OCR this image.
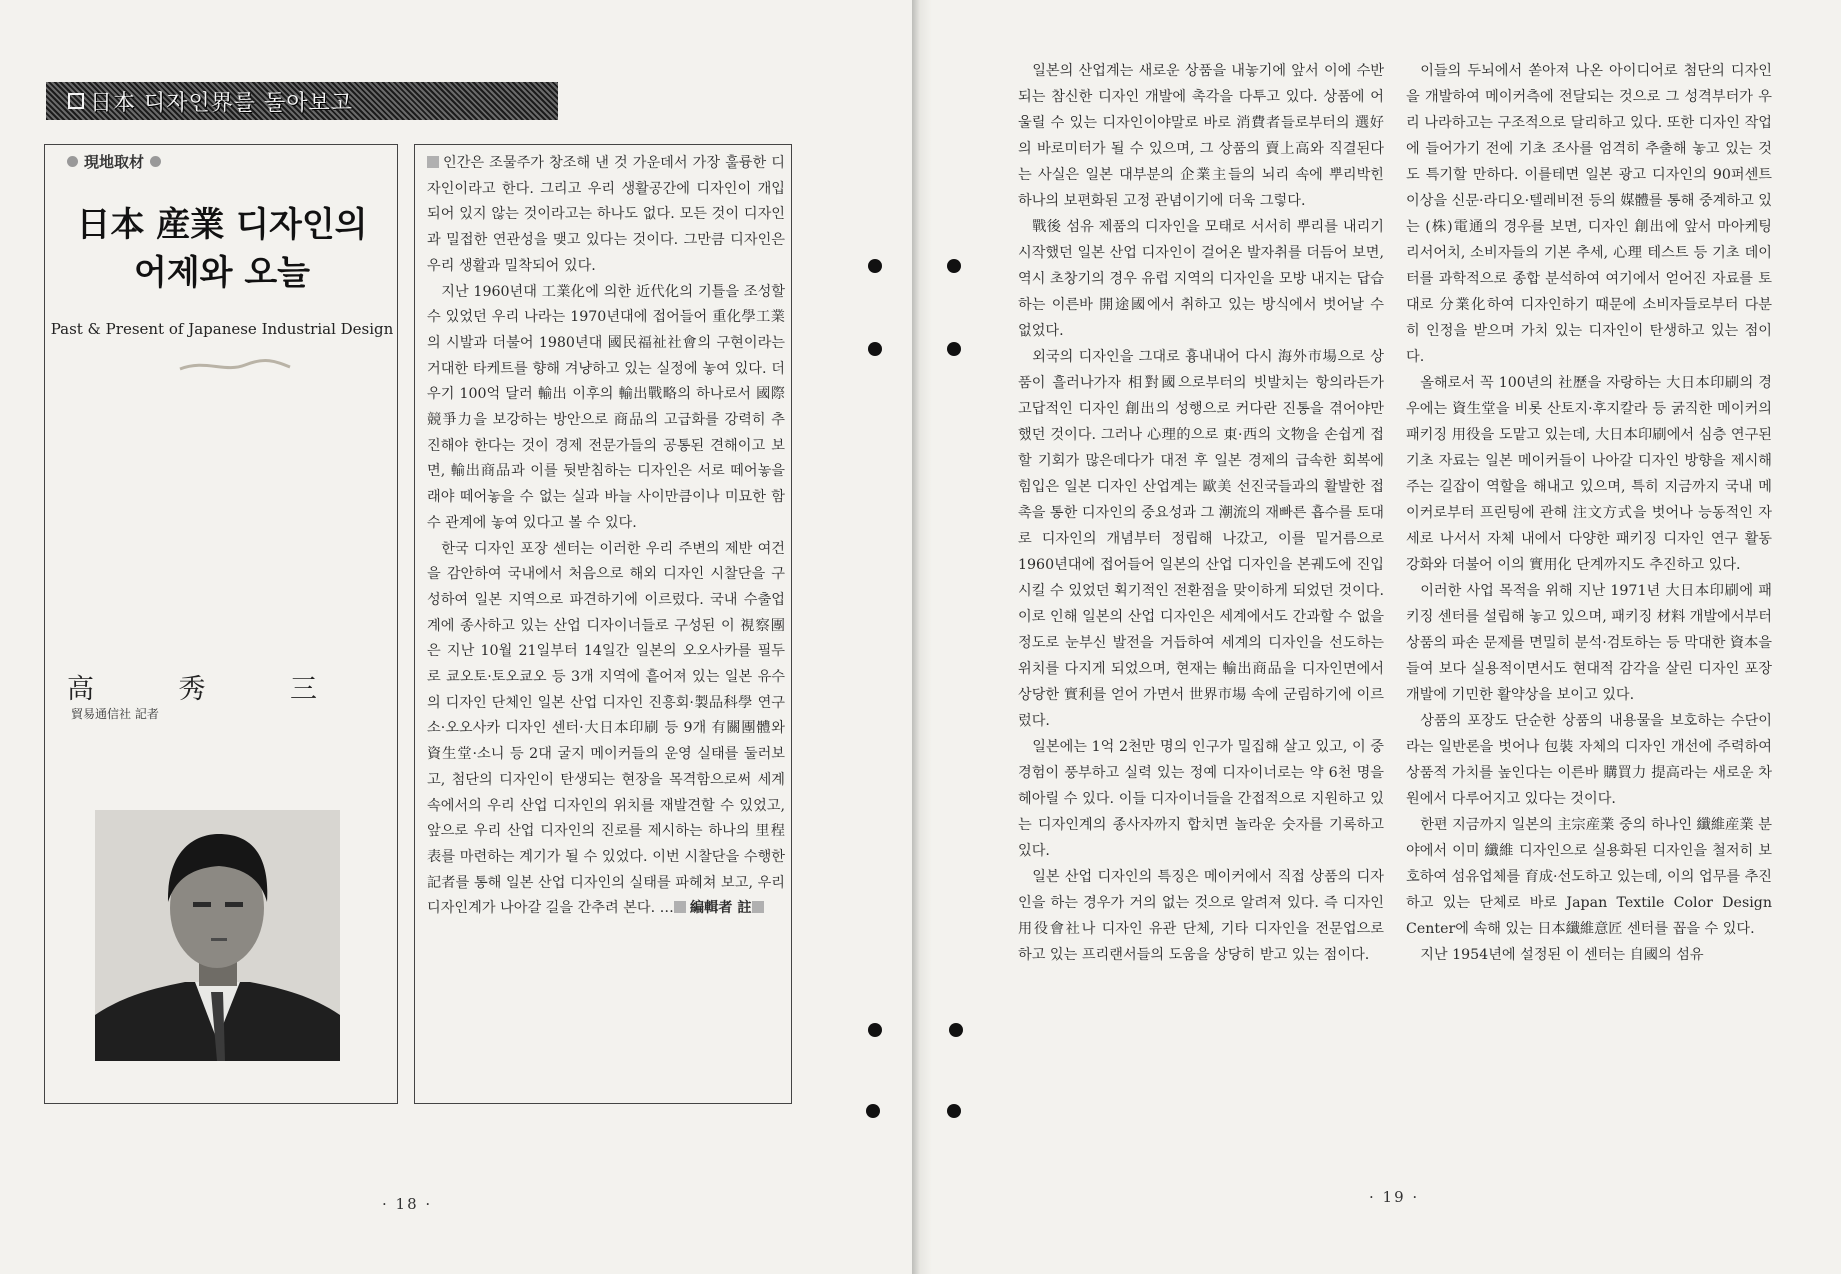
日本 디자인界를 돌아보고
現地取材
日本 産業 디자인의
어제와 오늘
Past & Present of Japanese Industrial Design
高	秀	三
貿易通信社 記者

인간은 조물주가 창조해 낸 것 가운데서 가장 훌륭한 디자인이라고 한다. 그리고 우리 생활공간에 디자인이 개입되어 있지 않는 것이라고는 하나도 없다. 모든 것이 디자인과 밀접한 연관성을 맺고 있다는 것이다. 그만큼 디자인은 우리 생활과 밀착되어 있다.

지난 1960년대 工業化에 의한 近代化의 기틀을 조성할 수 있었던 우리 나라는 1970년대에 접어들어 重化學工業의 시발과 더불어 1980년대 國民福祉社會의 구현이라는 거대한 타케트를 향해 겨냥하고 있는 실정에 놓여 있다. 더우기 100억 달러 輸出 이후의 輸出戰略의 하나로서 國際競爭力을 보강하는 방안으로 商品의 고급화를 강력히 추진해야 한다는 것이 경제 전문가들의 공통된 견해이고 보면, 輸出商品과 이를 뒷받침하는 디자인은 서로 떼어놓을래야 떼어놓을 수 없는 실과 바늘 사이만큼이나 미묘한 함수 관계에 놓여 있다고 볼 수 있다.

한국 디자인 포장 센터는 이러한 우리 주변의 제반 여건을 감안하여 국내에서 처음으로 해외 디자인 시찰단을 구성하여 일본 지역으로 파견하기에 이르렀다. 국내 수출업계에 종사하고 있는 산업 디자이너들로 구성된 이 視察團은 지난 10월 21일부터 14일간 일본의 오오사카를 필두로 쿄오토·토오쿄오 등 3개 지역에 흩어져 있는 일본 유수의 디자인 단체인 일본 산업 디자인 진흥회·製品科學 연구소·오오사카 디자인 센터·大日本印刷 등 9개 有關團體와 資生堂·소니 등 2대 굴지 메이커들의 운영 실태를 둘러보고, 첨단의 디자인이 탄생되는 현장을 목격함으로써 세계 속에서의 우리 산업 디자인의 위치를 재발견할 수 있었고, 앞으로 우리 산업 디자인의 진로를 제시하는 하나의 里程表를 마련하는 계기가 될 수 있었다. 이번 시찰단을 수행한 記者를 통해 일본 산업 디자인의 실태를 파헤쳐 보고, 우리 디자인계가 나아갈 길을 간추려 본다. … 編輯者 註

· 18 ·

일본의 산업계는 새로운 상품을 내놓기에 앞서 이에 수반되는 참신한 디자인 개발에 촉각을 다투고 있다. 상품에 어울릴 수 있는 디자인이야말로 바로 消費者들로부터의 選好의 바로미터가 될 수 있으며, 그 상품의 賣上高와 직결된다는 사실은 일본 대부분의 企業主들의 뇌리 속에 뿌리박힌 하나의 보편화된 고정 관념이기에 더욱 그렇다.

戰後 섬유 제품의 디자인을 모태로 서서히 뿌리를 내리기 시작했던 일본 산업 디자인이 걸어온 발자취를 더듬어 보면, 역시 초창기의 경우 유럽 지역의 디자인을 모방 내지는 답습하는 이른바 開途國에서 취하고 있는 방식에서 벗어날 수 없었다.

외국의 디자인을 그대로 흉내내어 다시 海外市場으로 상품이 흘러나가자 相對國으로부터의 빗발치는 항의라든가 고답적인 디자인 創出의 성행으로 커다란 진통을 겪어야만 했던 것이다. 그러나 心理的으로 東·西의 文物을 손쉽게 접할 기회가 많은데다가 대전 후 일본 경제의 급속한 회복에 힘입은 일본 디자인 산업계는 歐美 선진국들과의 활발한 접촉을 통한 디자인의 중요성과 그 潮流의 재빠른 흡수를 토대로 디자인의 개념부터 정립해 나갔고, 이를 밑거름으로 1960년대에 접어들어 일본의 산업 디자인을 본궤도에 진입시킬 수 있었던 획기적인 전환점을 맞이하게 되었던 것이다. 이로 인해 일본의 산업 디자인은 세계에서도 간과할 수 없을 정도로 눈부신 발전을 거듭하여 세계의 디자인을 선도하는 위치를 다지게 되었으며, 현재는 輸出商品을 디자인면에서 상당한 實利를 얻어 가면서 世界市場 속에 군림하기에 이르렀다.

일본에는 1억 2천만 명의 인구가 밀집해 살고 있고, 이 중 경험이 풍부하고 실력 있는 정예 디자이너로는 약 6천 명을 헤아릴 수 있다. 이들 디자이너들을 간접적으로 지원하고 있는 디자인계의 종사자까지 합치면 놀라운 숫자를 기록하고 있다.

일본 산업 디자인의 특징은 메이커에서 직접 상품의 디자인을 하는 경우가 거의 없는 것으로 알려져 있다. 즉 디자인 用役會社나 디자인 유관 단체, 기타 디자인을 전문업으로 하고 있는 프리랜서들의 도움을 상당히 받고 있는 점이다.

이들의 두뇌에서 쏟아져 나온 아이디어로 첨단의 디자인을 개발하여 메이커측에 전달되는 것으로 그 성격부터가 우리 나라하고는 구조적으로 달리하고 있다. 또한 디자인 작업에 들어가기 전에 기초 조사를 엄격히 추출해 놓고 있는 것도 특기할 만하다. 이를테면 일본 광고 디자인의 90퍼센트 이상을 신문·라디오·텔레비전 등의 媒體를 통해 중계하고 있는 (株)電通의 경우를 보면, 디자인 創出에 앞서 마아케팅 리서어치, 소비자들의 기본 추세, 心理 테스트 등 기초 데이터를 과학적으로 종합 분석하여 여기에서 얻어진 자료를 토대로 分業化하여 디자인하기 때문에 소비자들로부터 다분히 인정을 받으며 가치 있는 디자인이 탄생하고 있는 점이다.

올해로서 꼭 100년의 社歷을 자랑하는 大日本印刷의 경우에는 資生堂을 비롯 산토지·후지칼라 등 굵직한 메이커의 패키징 用役을 도맡고 있는데, 大日本印刷에서 심층 연구된 기초 자료는 일본 메이커들이 나아갈 디자인 방향을 제시해 주는 길잡이 역할을 해내고 있으며, 특히 지금까지 국내 메이커로부터 프린팅에 관해 注文方式을 벗어나 능동적인 자세로 나서서 자체 내에서 다양한 패키징 디자인 연구 활동 강화와 더불어 이의 實用化 단계까지도 추진하고 있다.

이러한 사업 목적을 위해 지난 1971년 大日本印刷에 패키징 센터를 설립해 놓고 있으며, 패키징 材料 개발에서부터 상품의 파손 문제를 면밀히 분석·검토하는 등 막대한 資本을 들여 보다 실용적이면서도 현대적 감각을 살린 디자인 포장 개발에 기민한 활약상을 보이고 있다.

상품의 포장도 단순한 상품의 내용물을 보호하는 수단이라는 일반론을 벗어나 包裝 자체의 디자인 개선에 주력하여 상품적 가치를 높인다는 이른바 購買力 提高라는 새로운 차원에서 다루어지고 있다는 것이다.

한편 지금까지 일본의 主宗産業 중의 하나인 纖維産業 분야에서 이미 纖維 디자인으로 실용화된 디자인을 철저히 보호하여 섬유업체를 育成·선도하고 있는데, 이의 업무를 추진하고 있는 단체로 바로 Japan Textile Color Design Center에 속해 있는 日本纖維意匠 센터를 꼽을 수 있다.

지난 1954년에 설정된 이 센터는 自國의 섬유

· 19 ·
